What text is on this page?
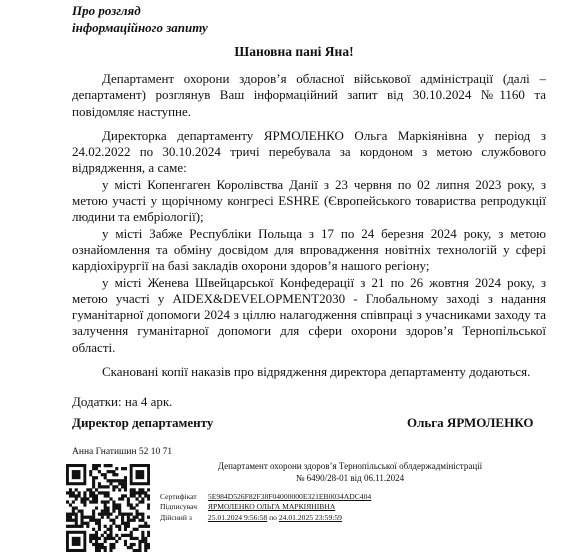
Про розгляд
інформаційного запиту
Шановна пані Яна!

Департамент охорони здоров’я обласної військової адміністрації (далі – департамент) розглянув Ваш інформаційний запит від 30.10.2024 №1160 та повідомляє наступне.

Директорка департаменту ЯРМОЛЕНКО Ольга Маркіянівна у період з 24.02.2022 по 30.10.2024 тричі перебувала за кордоном з метою службового відрядження, а саме:

у місті Копенгаген Королівства Данії з 23 червня по 02 липня 2023 року, з метою участі у щорічному конгресі ESHRE (Європейського товариства репродукції людини та ембріології);

у місті Забже Республіки Польща з 17 по 24 березня 2024 року, з метою ознайомлення та обміну досвідом для впровадження новітніх технологій у сфері кардіохірургії на базі закладів охорони здоров’я нашого регіону;

у місті Женева Швейцарської Конфедерації з 21 по 26 жовтня 2024 року, з метою участі у AIDEX&DEVELOPMENT2030 - Глобальному заході з надання гуманітарної допомоги 2024 з ціллю налагодження співпраці з учасниками заходу та залучення гуманітарної допомоги для сфери охорони здоров’я Тернопільської області.

Скановані копії наказів про відрядження директора департаменту додаються.

Додатки: на 4 арк.

Директор департаменту	Ольга ЯРМОЛЕНКО
Анна Гнатишин 52 10 71
Департамент охорони здоров’я Тернопільської облдержадміністрації
№ 6490/28-01 від 06.11.2024
Сертифікат 5E984D526F82F38F04000000E321EB0034ADC404
Підписувач ЯРМОЛЕНКО ОЛЬГА МАРКІЯНІВНА
Дійсний з 25.01.2024 9:56:58 по 24.01.2025 23:59:59
